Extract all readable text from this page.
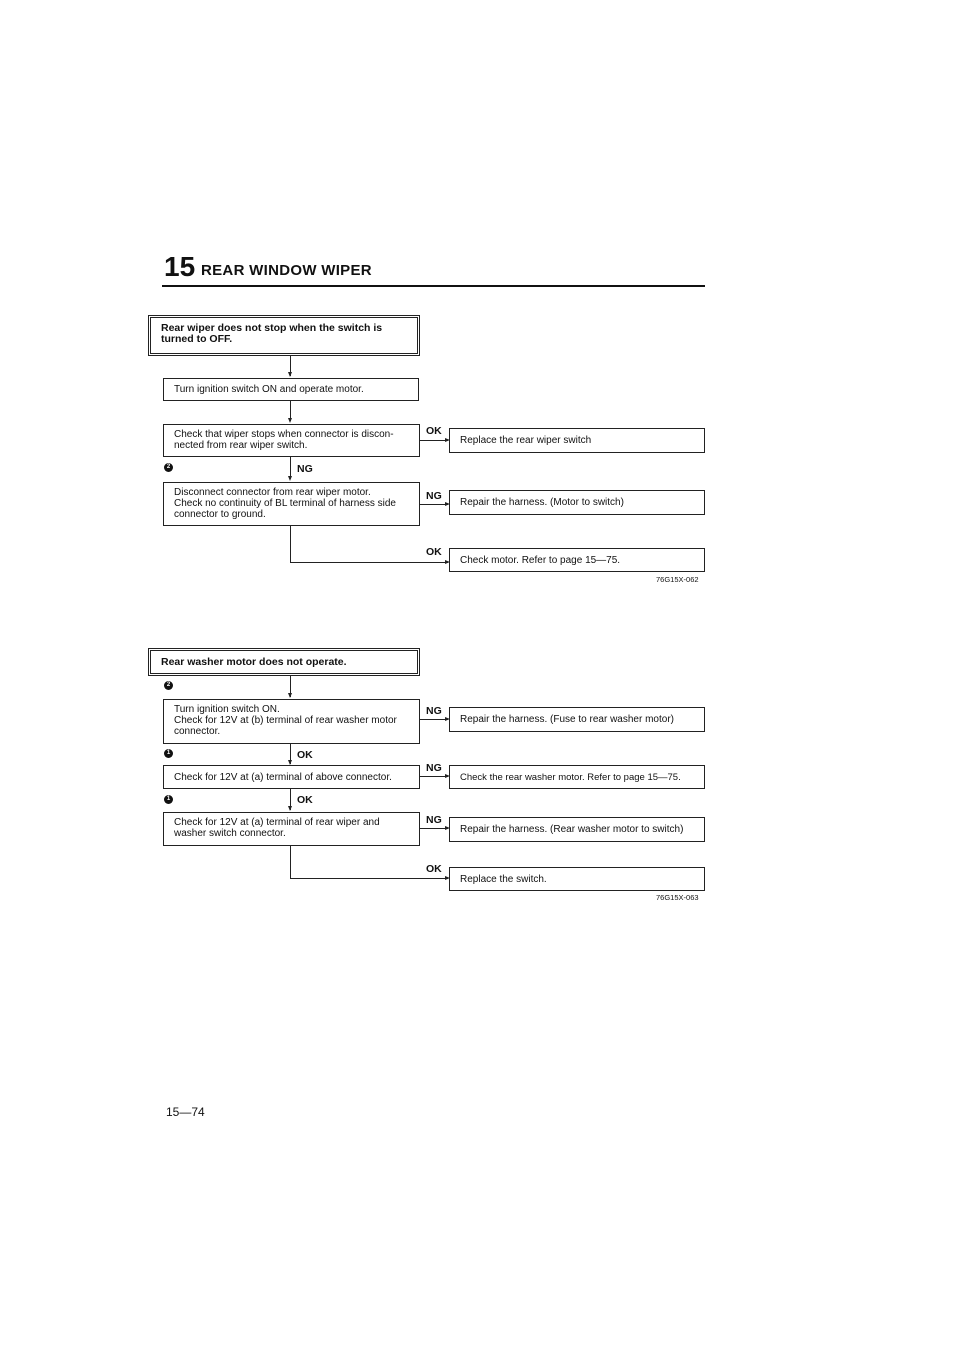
15 REAR WINDOW WIPER
Rear wiper does not stop when the switch is
turned to OFF.
Turn ignition switch ON and operate motor.
Check that wiper stops when connector is discon-
nected from rear wiper switch.
OK
Replace the rear wiper switch
2	NG
Disconnect connector from rear wiper motor.
Check no continuity of BL terminal of harness side
connector to ground.
NG
Repair the harness. (Motor to switch)
OK
Check motor. Refer to page 15—75.
76G15X-062
Rear washer motor does not operate.
2
Turn ignition switch ON.
Check for 12V at (b) terminal of rear washer motor
connector.
NG
Repair the harness. (Fuse to rear washer motor)
1	OK
Check for 12V at (a) terminal of above connector.
NG
Check the rear washer motor. Refer to page 15—75.
1	OK
Check for 12V at (a) terminal of rear wiper and
washer switch connector.
NG
Repair the harness. (Rear washer motor to switch)
OK
Replace the switch.
76G15X-063
15—74
